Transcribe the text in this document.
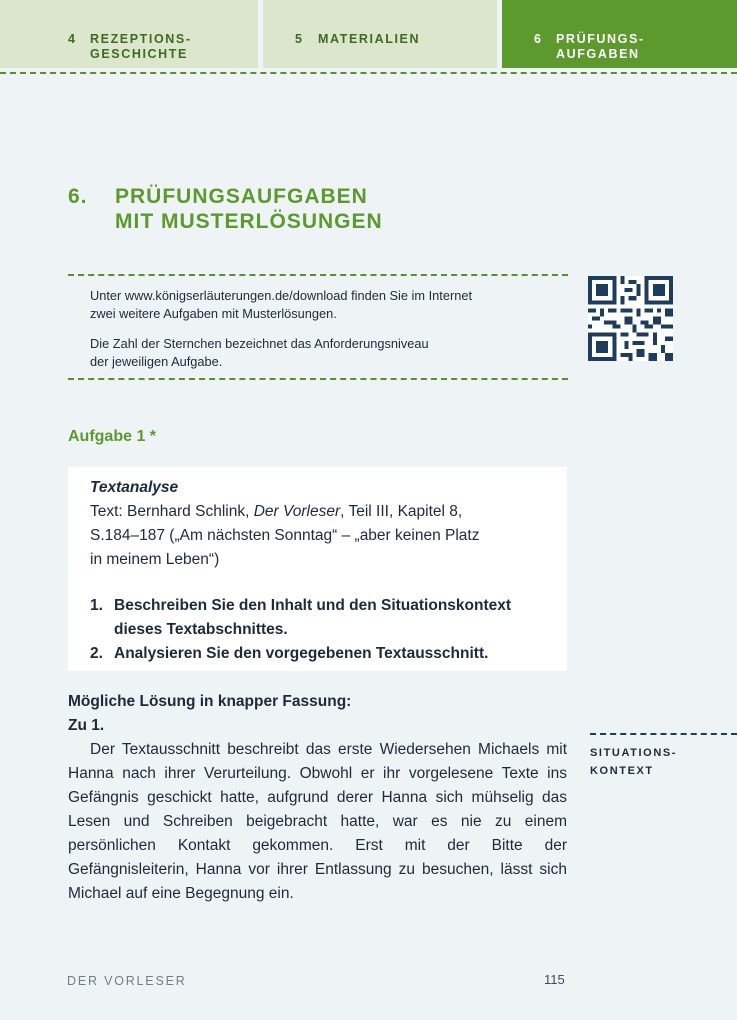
4 REZEPTIONS-
GESCHICHTE
5 MATERIALIEN	6 PRÜFUNGS-
AUFGABEN
6. PRÜFUNGSAUFGABEN
MIT MUSTERLÖSUNGEN
Unter www.königserläuterungen.de/download finden Sie im Internet
zwei weitere Aufgaben mit Musterlösungen.
Die Zahl der Sternchen bezeichnet das Anforderungsniveau
der jeweiligen Aufgabe.
Aufgabe 1 *
Textanalyse
Text: Bernhard Schlink, Der Vorleser, Teil III, Kapitel 8,
S.184–187 („Am nächsten Sonntag“ – „aber keinen Platz
in meinem Leben“)
1. Beschreiben Sie den Inhalt und den Situationskontext
dieses Textabschnittes.
2. Analysieren Sie den vorgegebenen Textausschnitt.
Mögliche Lösung in knapper Fassung:
Zu 1.

Der Textausschnitt beschreibt das erste Wiedersehen Michaels mit Hanna nach ihrer Verurteilung. Obwohl er ihr vorgelesene Texte ins Gefängnis geschickt hatte, aufgrund derer Hanna sich mühselig das Lesen und Schreiben beigebracht hatte, war es nie zu einem persönlichen Kontakt gekommen. Erst mit der Bitte der Gefängnisleiterin, Hanna vor ihrer Entlassung zu besuchen, lässt sich Michael auf eine Begegnung ein.

SITUATIONS-
KONTEXT
DER VORLESER	115
